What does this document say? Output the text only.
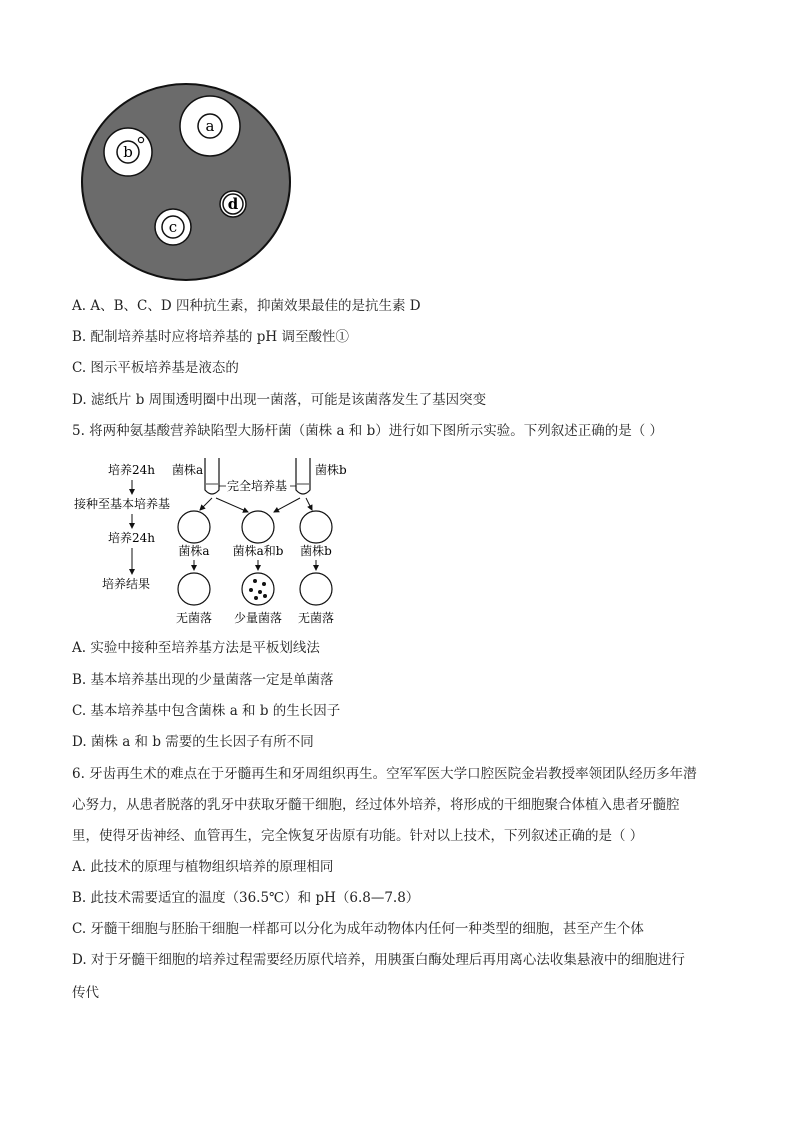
a
b
c
d
A. A、B、C、D 四种抗生素，抑菌效果最佳的是抗生素 D
B. 配制培养基时应将培养基的 pH 调至酸性①
C. 图示平板培养基是液态的
D. 滤纸片 b 周围透明圈中出现一菌落，可能是该菌落发生了基因突变
5. 将两种氨基酸营养缺陷型大肠杆菌（菌株 a 和 b）进行如下图所示实验。下列叙述正确的是（ ）
培养24h
接种至基本培养基
培养24h
培养结果
菌株a	菌株b
完全培养基
菌株a 菌株a和b 菌株b
无菌落 少量菌落 无菌落
A. 实验中接种至培养基方法是平板划线法
B. 基本培养基出现的少量菌落一定是单菌落
C. 基本培养基中包含菌株 a 和 b 的生长因子
D. 菌株 a 和 b 需要的生长因子有所不同
6. 牙齿再生术的难点在于牙髓再生和牙周组织再生。空军军医大学口腔医院金岩教授率领团队经历多年潜
心努力，从患者脱落的乳牙中获取牙髓干细胞，经过体外培养，将形成的干细胞聚合体植入患者牙髓腔
里，使得牙齿神经、血管再生，完全恢复牙齿原有功能。针对以上技术，下列叙述正确的是（ ）
A. 此技术的原理与植物组织培养的原理相同
B. 此技术需要适宜的温度（36.5℃）和 pH（6.8—7.8）
C. 牙髓干细胞与胚胎干细胞一样都可以分化为成年动物体内任何一种类型的细胞，甚至产生个体
D. 对于牙髓干细胞的培养过程需要经历原代培养，用胰蛋白酶处理后再用离心法收集悬液中的细胞进行
传代
